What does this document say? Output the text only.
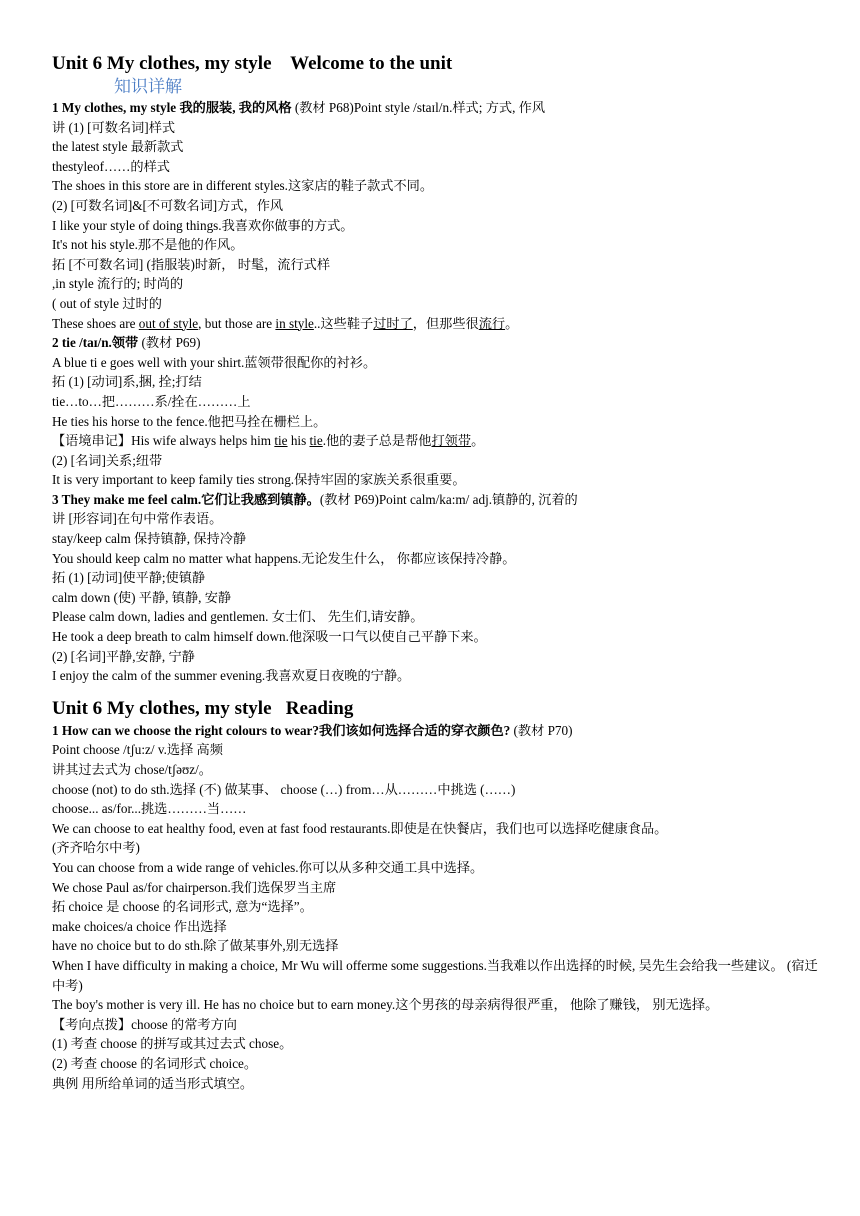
Unit 6 My clothes, my style    Welcome to the unit
知识详解
1 My clothes, my style 我的服装, 我的风格 (教材 P68)Point style /staɪl/n.样式; 方式, 作风
讲 (1) [可数名词]样式
the latest style 最新款式
thestyleof……的样式
The shoes in this store are in different styles.这家店的鞋子款式不同。
(2) [可数名词]&[不可数名词]方式，作风
I like your style of doing things.我喜欢你做事的方式。
It's not his style.那不是他的作风。
拓 [不可数名词] (指服装)时新， 时髦，流行式样
,in style 流行的; 时尚的
( out of style 过时的
These shoes are out of style, but those are in style..这些鞋子过时了，但那些很流行。
2 tie /taɪ/n.领带 (教材 P69)
A blue ti e goes well with your shirt.蓝领带很配你的衬衫。
拓 (1) [动词]系,捆, 拴;打结
tie…to…把………系/拴在………上
He ties his horse to the fence.他把马拴在栅栏上。
【语境串记】His wife always helps him tie his tie.他的妻子总是帮他打领带。
(2) [名词]关系;纽带
It is very important to keep family ties strong.保持牢固的家族关系很重要。
3 They make me feel calm.它们让我感到镇静。(教材 P69)Point calm/ka:m/ adj.镇静的, 沉着的
讲 [形容词]在句中常作表语。
stay/keep calm 保持镇静, 保持冷静
You should keep calm no matter what happens.无论发生什么， 你都应该保持冷静。
拓 (1) [动词]使平静;使镇静
calm down (使) 平静, 镇静, 安静
Please calm down, ladies and gentlemen. 女士们、 先生们,请安静。
He took a deep breath to calm himself down.他深吸一口气以使自己平静下来。
(2) [名词]平静,安静, 宁静
I enjoy the calm of the summer evening.我喜欢夏日夜晚的宁静。
Unit 6 My clothes, my style   Reading
1 How can we choose the right colours to wear?我们该如何选择合适的穿衣颜色? (教材 P70)
Point choose /tʃu:z/ v.选择 高频
讲其过去式为 chose/tʃəʊz/。
choose (not) to do sth.选择 (不) 做某事、 choose (…) from…从………中挑选 (……)
choose... as/for...挑选………当……
We can choose to eat healthy food, even at fast food restaurants.即使是在快餐店，我们也可以选择吃健康食品。
(齐齐哈尔中考)
You can choose from a wide range of vehicles.你可以从多种交通工具中选择。
We chose Paul as/for chairperson.我们选保罗当主席
拓 choice 是 choose 的名词形式, 意为“选择”。
make choices/a choice 作出选择
have no choice but to do sth.除了做某事外,别无选择
When I have difficulty in making a choice, Mr Wu will offerme some suggestions.当我难以作出选择的时候, 吴先生会给我一些建议。 (宿迁中考)
The boy's mother is very ill. He has no choice but to earn money.这个男孩的母亲病得很严重， 他除了赚钱， 别无选择。
【考向点拨】choose 的常考方向
(1) 考查 choose 的拼写或其过去式 chose。
(2) 考查 choose 的名词形式 choice。
典例 用所给单词的适当形式填空。
